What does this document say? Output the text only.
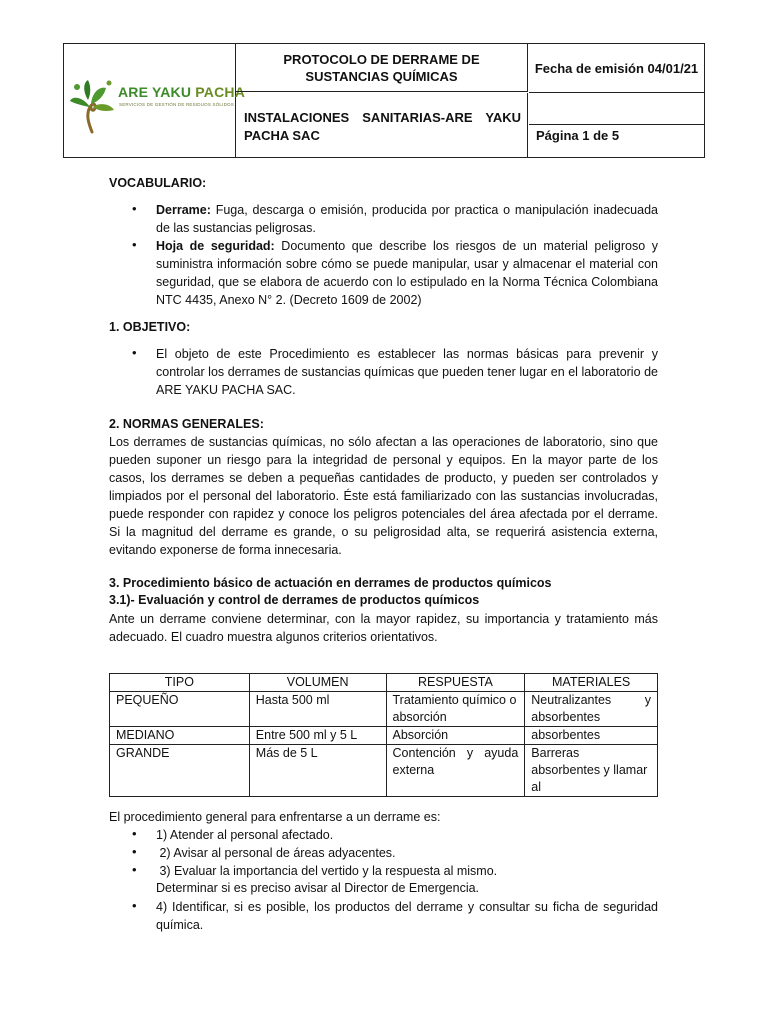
ARE YAKU PACHA
SERVICIOS DE GESTIÓN DE RESIDUOS SÓLIDOS
PROTOCOLO DE DERRAME DE SUSTANCIAS QUÍMICAS
Fecha de emisión 04/01/21
INSTALACIONES SANITARIAS-ARE YAKU PACHA SAC	Página 1 de 5
VOCABULARIO:
• Derrame: Fuga, descarga o emisión, producida por practica o manipulación inadecuada de las sustancias peligrosas.
• Hoja de seguridad: Documento que describe los riesgos de un material peligroso y suministra información sobre cómo se puede manipular, usar y almacenar el material con seguridad, que se elabora de acuerdo con lo estipulado en la Norma Técnica Colombiana NTC 4435, Anexo N° 2. (Decreto 1609 de 2002)
1. OBJETIVO:
• El objeto de este Procedimiento es establecer las normas básicas para prevenir y controlar los derrames de sustancias químicas que pueden tener lugar en el laboratorio de ARE YAKU PACHA SAC.
2. NORMAS GENERALES:
Los derrames de sustancias químicas, no sólo afectan a las operaciones de laboratorio, sino que pueden suponer un riesgo para la integridad de personal y equipos. En la mayor parte de los casos, los derrames se deben a pequeñas cantidades de producto, y pueden ser controlados y limpiados por el personal del laboratorio. Éste está familiarizado con las sustancias involucradas, puede responder con rapidez y conoce los peligros potenciales del área afectada por el derrame. Si la magnitud del derrame es grande, o su peligrosidad alta, se requerirá asistencia externa, evitando exponerse de forma innecesaria.
3. Procedimiento básico de actuación en derrames de productos químicos
3.1)- Evaluación y control de derrames de productos químicos
Ante un derrame conviene determinar, con la mayor rapidez, su importancia y tratamiento más adecuado. El cuadro muestra algunos criterios orientativos.
TIPO	VOLUMEN	RESPUESTA	MATERIALES
PEQUEÑO	Hasta 500 ml	Tratamiento químico o absorción	Neutralizantes y absorbentes
MEDIANO	Entre 500 ml y 5 L	Absorción	absorbentes
GRANDE	Más de 5 L	Contención y ayuda externa	Barreras absorbentes y llamar al
El procedimiento general para enfrentarse a un derrame es:
• 1) Atender al personal afectado.
• 2) Avisar al personal de áreas adyacentes.
• 3) Evaluar la importancia del vertido y la respuesta al mismo.
Determinar si es preciso avisar al Director de Emergencia.
• 4) Identificar, si es posible, los productos del derrame y consultar su ficha de seguridad química.
